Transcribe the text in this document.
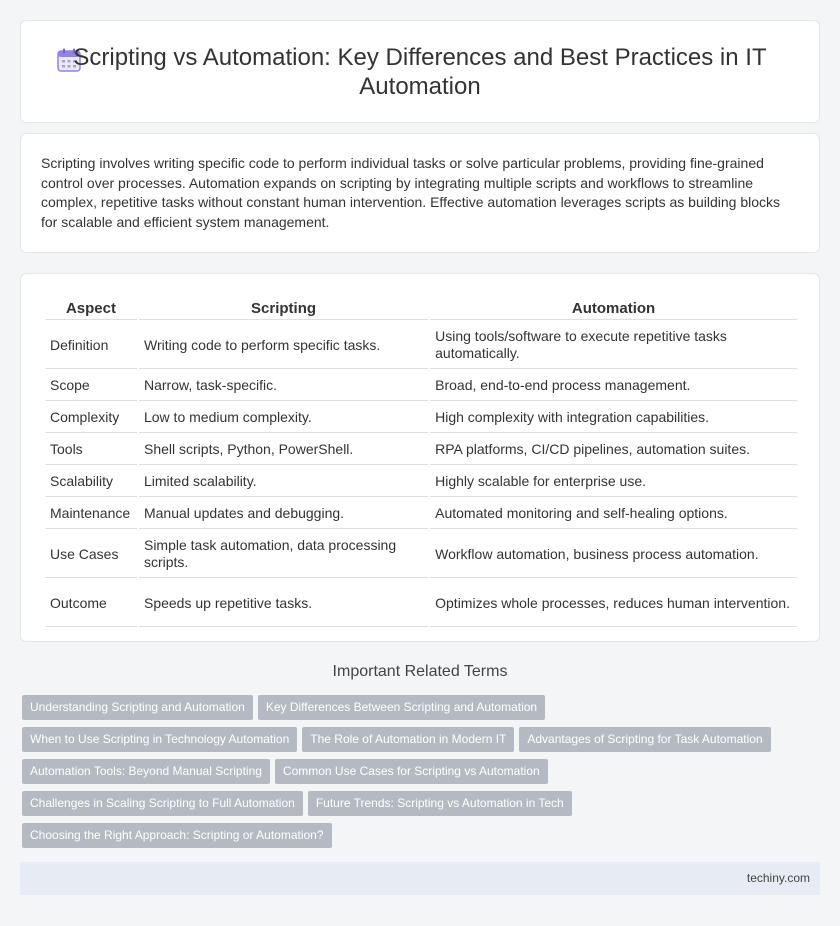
Scripting vs Automation: Key Differences and Best Practices in IT Automation

Scripting involves writing specific code to perform individual tasks or solve particular problems, providing fine-grained control over processes. Automation expands on scripting by integrating multiple scripts and workflows to streamline complex, repetitive tasks without constant human intervention. Effective automation leverages scripts as building blocks for scalable and efficient system management.

Aspect	Scripting	Automation
Definition	Writing code to perform specific tasks.	Using tools/software to execute repetitive tasks automatically.
Scope	Narrow, task-specific.	Broad, end-to-end process management.
Complexity	Low to medium complexity.	High complexity with integration capabilities.
Tools	Shell scripts, Python, PowerShell.	RPA platforms, CI/CD pipelines, automation suites.
Scalability	Limited scalability.	Highly scalable for enterprise use.
Maintenance	Manual updates and debugging.	Automated monitoring and self-healing options.
Use Cases	Simple task automation, data processing scripts.	Workflow automation, business process automation.
Outcome	Speeds up repetitive tasks.	Optimizes whole processes, reduces human intervention.
Important Related Terms
Understanding Scripting and Automation Key Differences Between Scripting and Automation
When to Use Scripting in Technology Automation The Role of Automation in Modern IT Advantages of Scripting for Task Automation
Automation Tools: Beyond Manual Scripting Common Use Cases for Scripting vs Automation
Challenges in Scaling Scripting to Full Automation Future Trends: Scripting vs Automation in Tech
Choosing the Right Approach: Scripting or Automation?
techiny.com
